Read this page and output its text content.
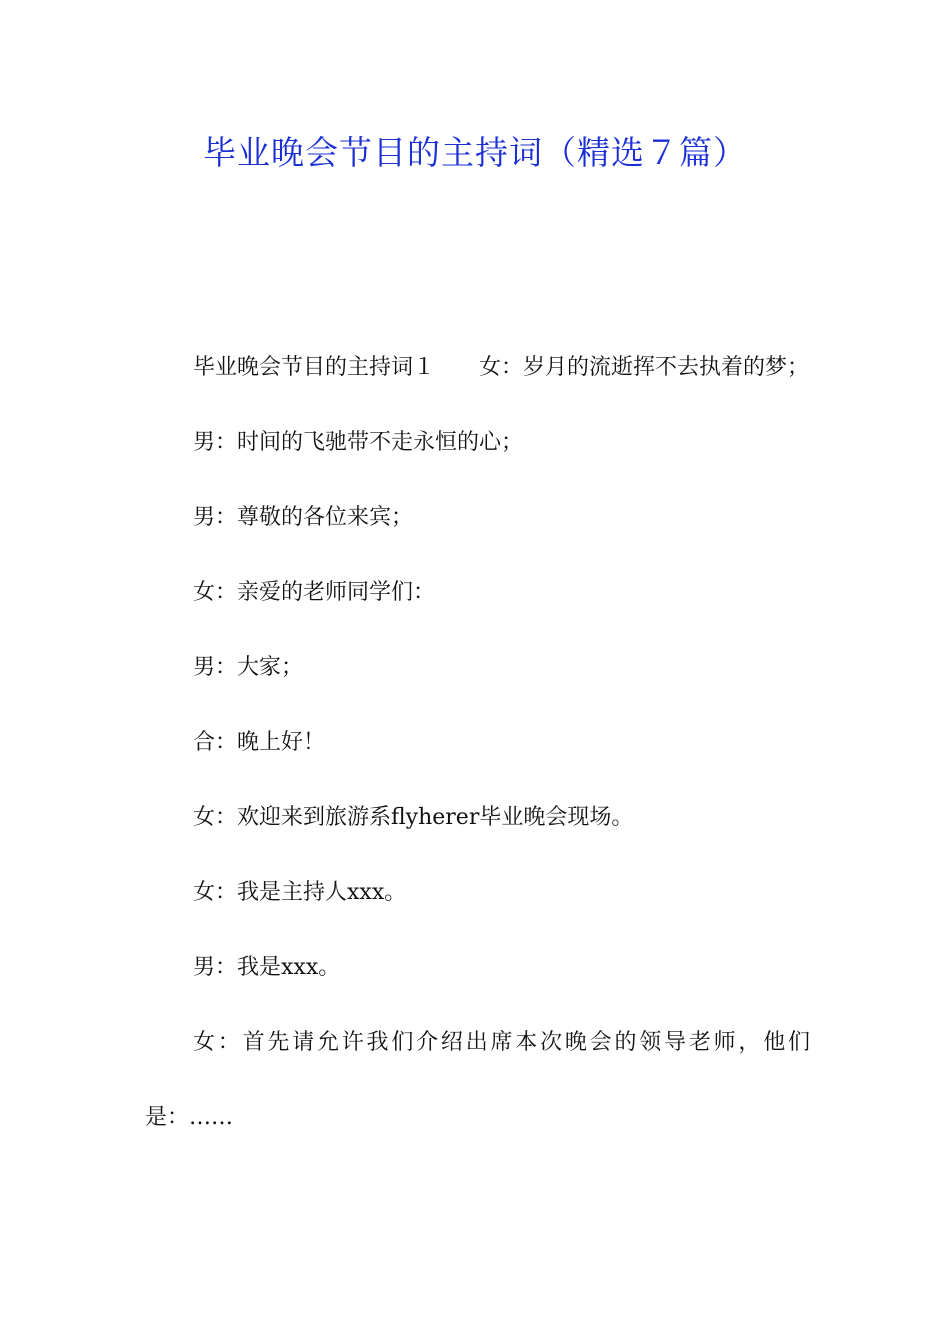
毕业晚会节目的主持词（精选７篇）

毕业晚会节目的主持词１　　女：岁月的流逝挥不去执着的梦；

男：时间的飞驰带不走永恒的心；

男：尊敬的各位来宾；

女：亲爱的老师同学们：

男：大家；

合：晚上好！

女：欢迎来到旅游系flyherer毕业晚会现场。

女：我是主持人xxx。

男：我是xxx。

女：首先请允许我们介绍出席本次晚会的领导老师，他们是：……
